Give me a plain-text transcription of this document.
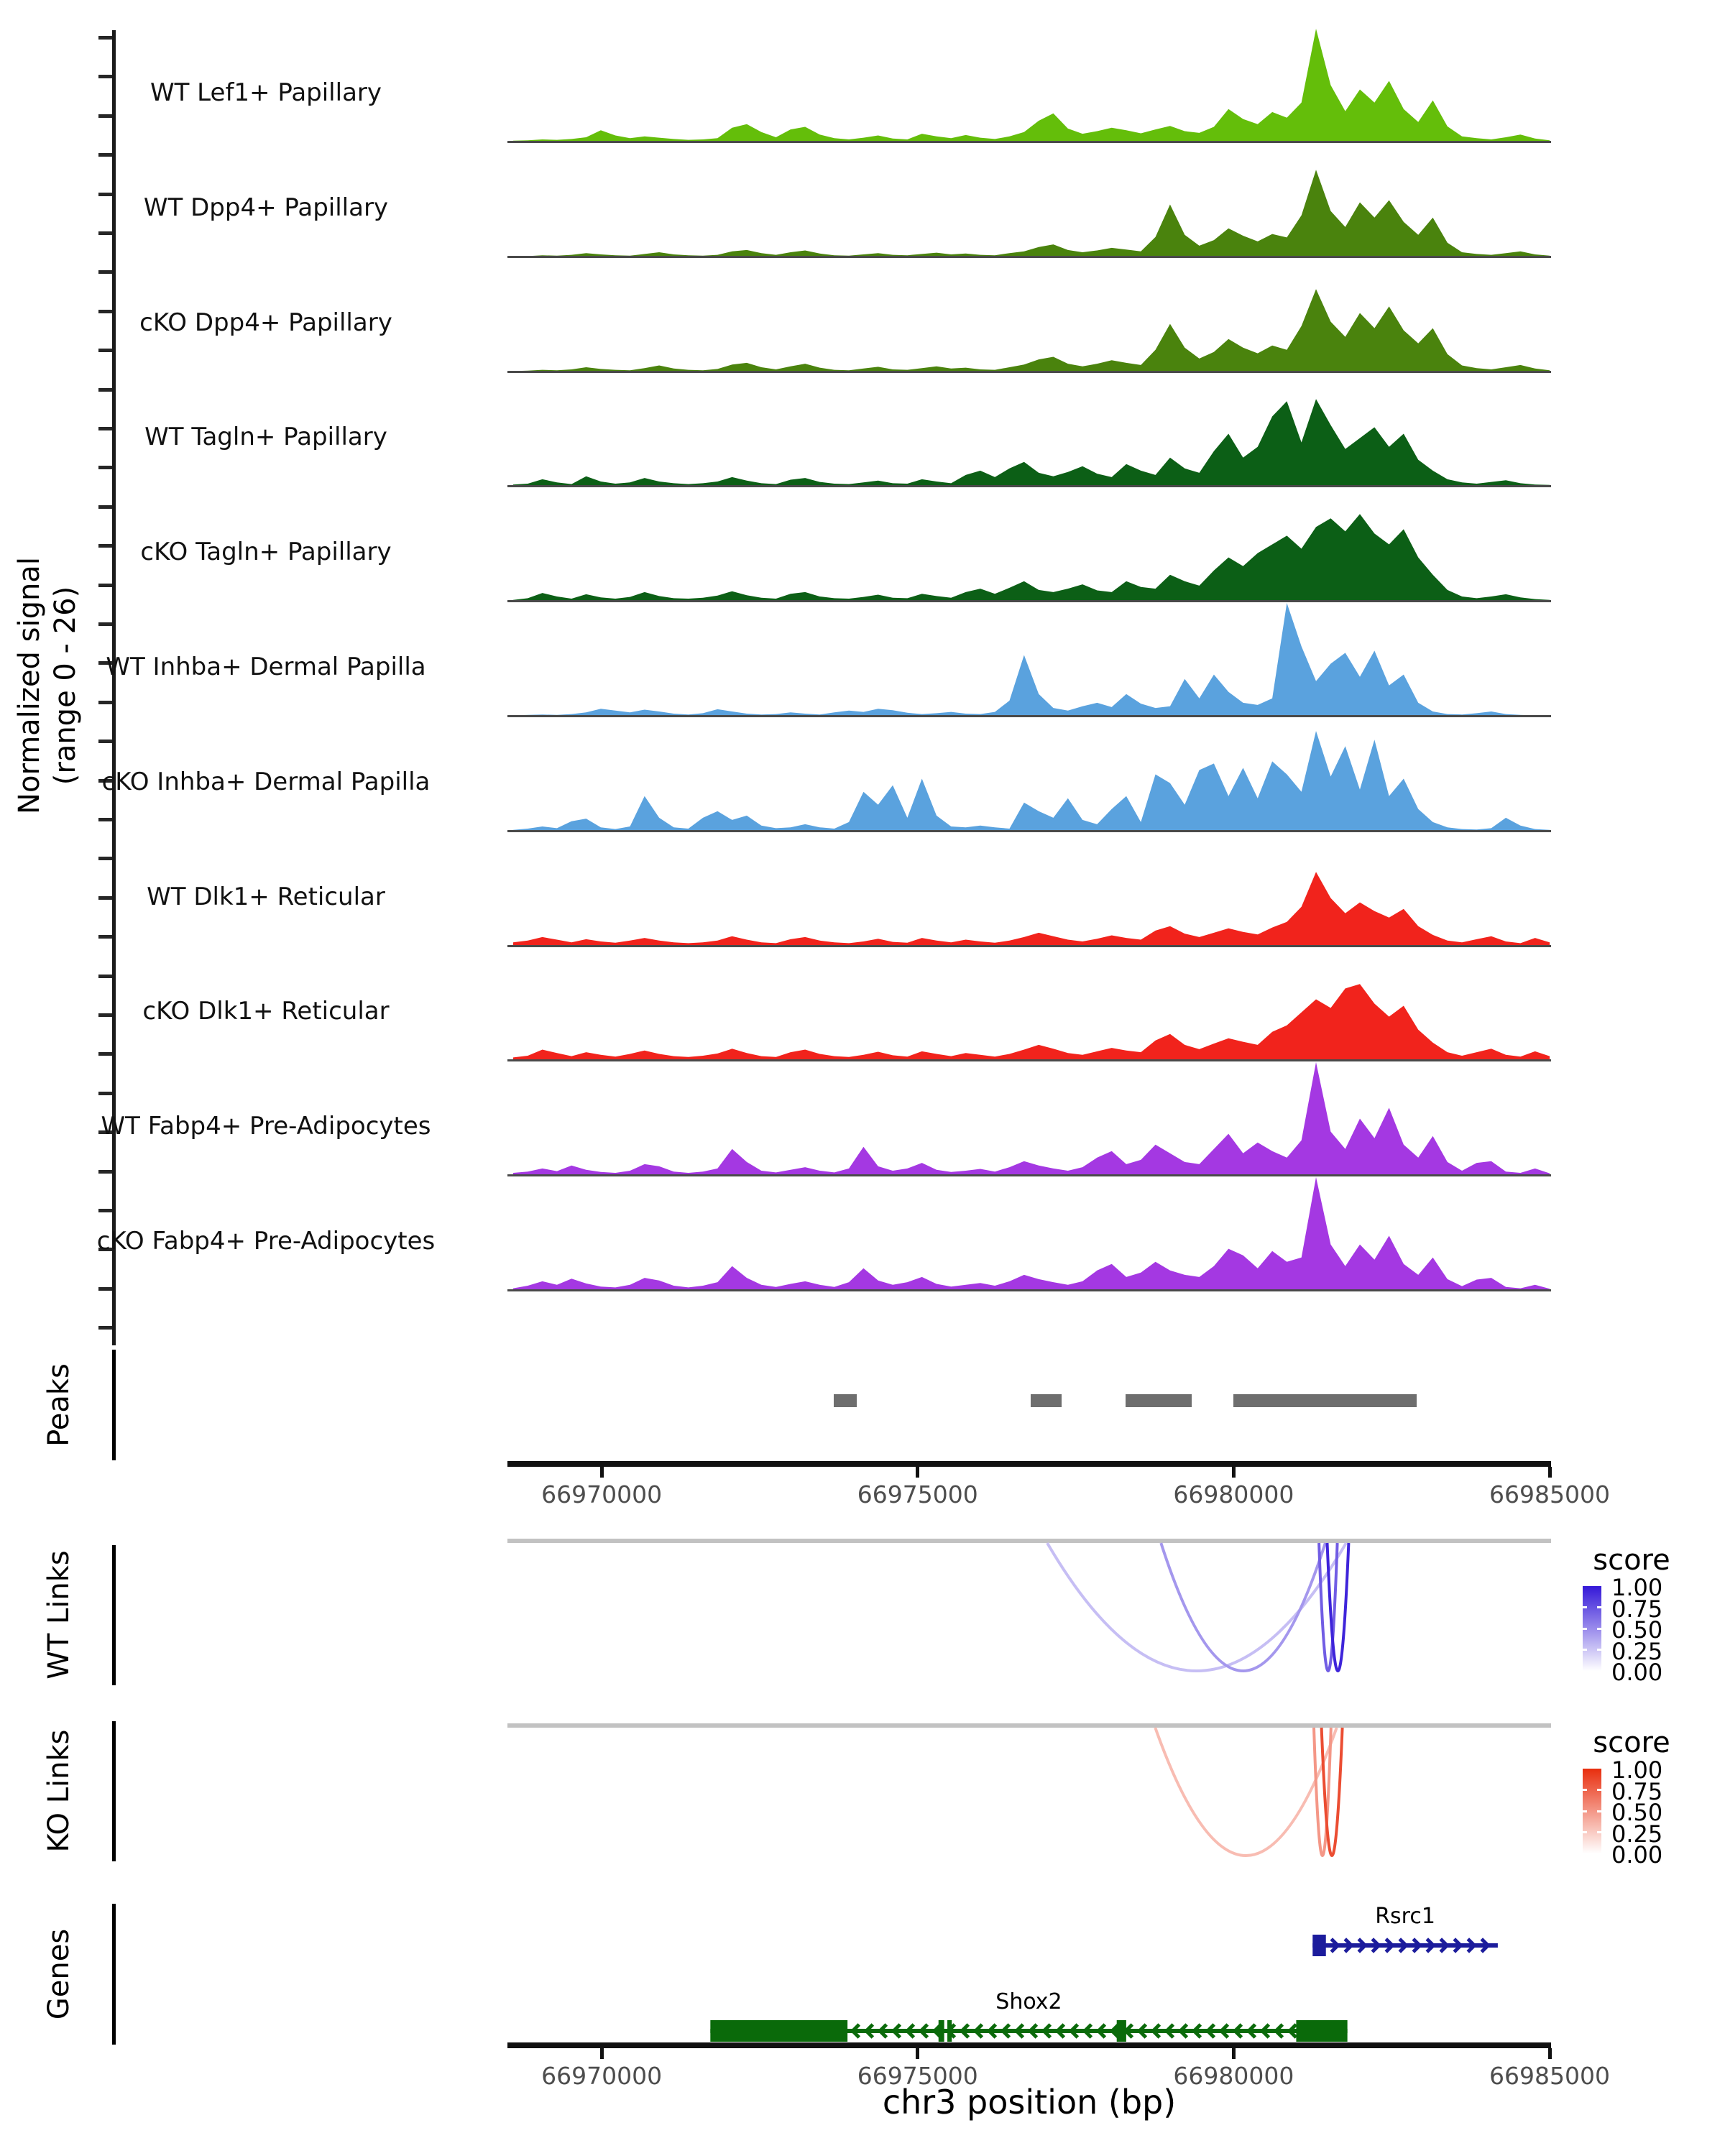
Normalized signal (range 0 - 26)
Peaks
WT Links
KO Links
Genes
score
score
chr3 position (bp)
WT Lef1+ Papillary
WT Dpp4+ Papillary
cKO Dpp4+ Papillary
WT Tagln+ Papillary
cKO Tagln+ Papillary
WT Inhba+ Dermal Papilla
cKO Inhba+ Dermal Papilla
WT Dlk1+ Reticular
cKO Dlk1+ Reticular
WT Fabp4+ Pre-Adipocytes
cKO Fabp4+ Pre-Adipocytes
66970000	66975000	66980000	66985000
66970000	66975000	66980000	66985000
1.00
0.75
0.50
0.25
0.00
1.00
0.75
0.50
0.25
0.00
Rsrc1
Shox2
